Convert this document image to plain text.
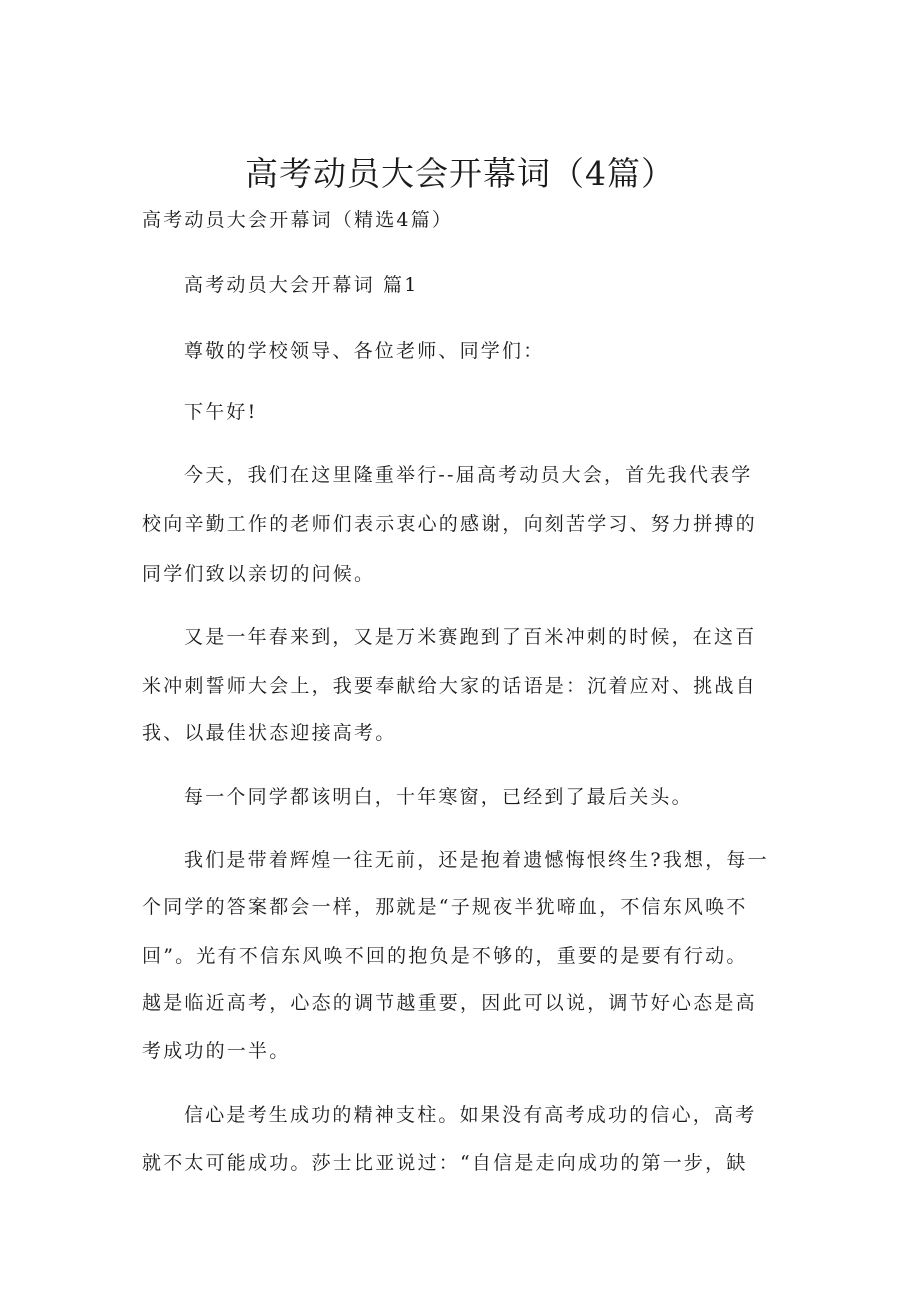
高考动员大会开幕词（4篇）

高考动员大会开幕词（精选4篇）

高考动员大会开幕词 篇1

尊敬的学校领导、各位老师、同学们：

下午好!

今天，我们在这里隆重举行--届高考动员大会，首先我代表学

校向辛勤工作的老师们表示衷心的感谢，向刻苦学习、努力拼搏的

同学们致以亲切的问候。

又是一年春来到，又是万米赛跑到了百米冲刺的时候，在这百

米冲刺誓师大会上，我要奉献给大家的话语是：沉着应对、挑战自

我、以最佳状态迎接高考。

每一个同学都该明白，十年寒窗，已经到了最后关头。

我们是带着辉煌一往无前，还是抱着遗憾悔恨终生?我想，每一

个同学的答案都会一样，那就是“子规夜半犹啼血，不信东风唤不

回”。光有不信东风唤不回的抱负是不够的，重要的是要有行动。

越是临近高考，心态的调节越重要，因此可以说，调节好心态是高

考成功的一半。

信心是考生成功的精神支柱。如果没有高考成功的信心，高考

就不太可能成功。莎士比亚说过：“自信是走向成功的第一步，缺
